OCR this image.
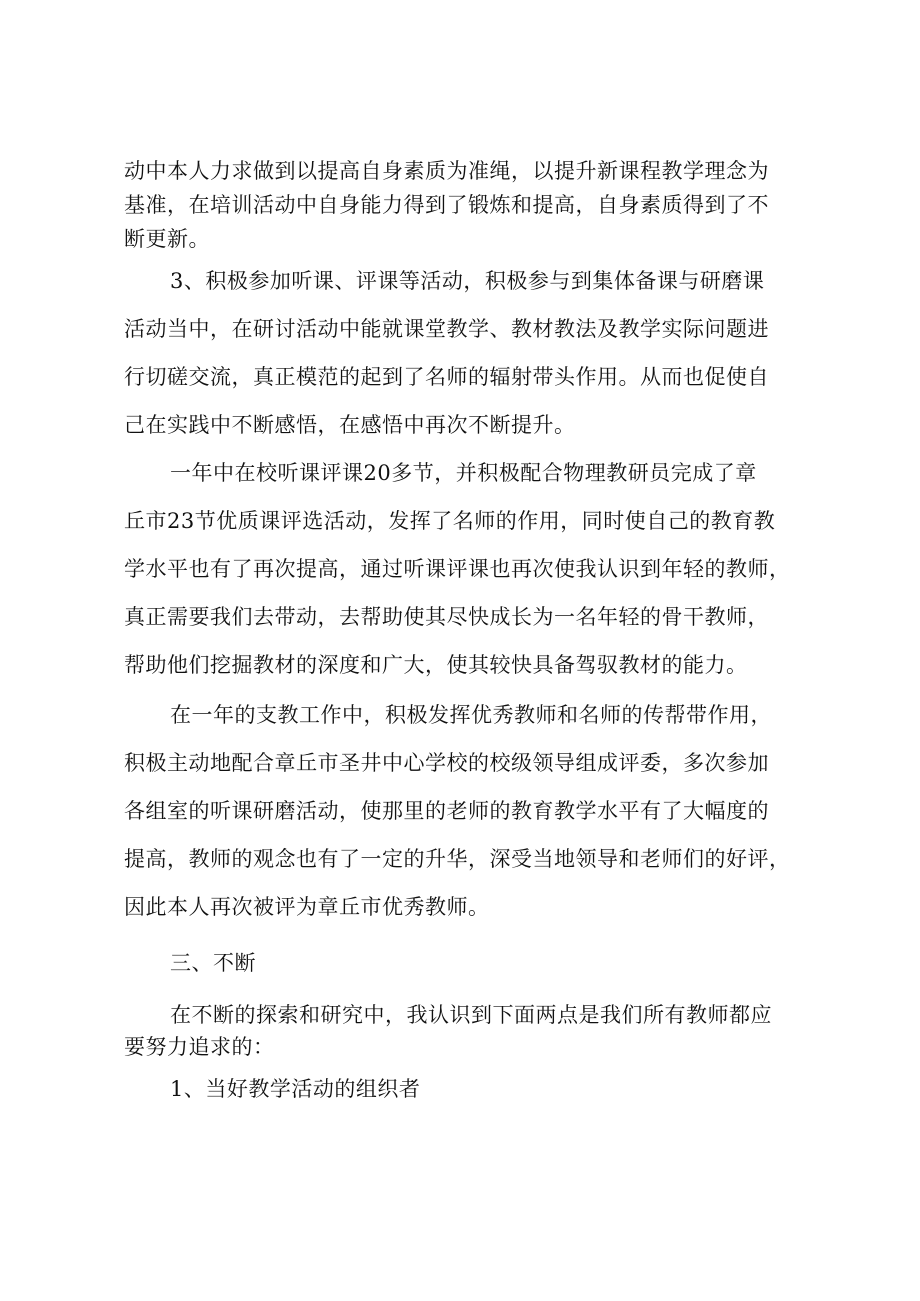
动中本人力求做到以提高自身素质为准绳，以提升新课程教学理念为
基准，在培训活动中自身能力得到了锻炼和提高，自身素质得到了不
断更新。
3、积极参加听课、评课等活动，积极参与到集体备课与研磨课
活动当中，在研讨活动中能就课堂教学、教材教法及教学实际问题进
行切磋交流，真正模范的起到了名师的辐射带头作用。从而也促使自
己在实践中不断感悟，在感悟中再次不断提升。
一年中在校听课评课20多节，并积极配合物理教研员完成了章
丘市23节优质课评选活动，发挥了名师的作用，同时使自己的教育教
学水平也有了再次提高，通过听课评课也再次使我认识到年轻的教师，
真正需要我们去带动，去帮助使其尽快成长为一名年轻的骨干教师，
帮助他们挖掘教材的深度和广大，使其较快具备驾驭教材的能力。
在一年的支教工作中，积极发挥优秀教师和名师的传帮带作用，
积极主动地配合章丘市圣井中心学校的校级领导组成评委，多次参加
各组室的听课研磨活动，使那里的老师的教育教学水平有了大幅度的
提高，教师的观念也有了一定的升华，深受当地领导和老师们的好评，
因此本人再次被评为章丘市优秀教师。
三、不断
在不断的探索和研究中，我认识到下面两点是我们所有教师都应
要努力追求的：
1、当好教学活动的组织者
